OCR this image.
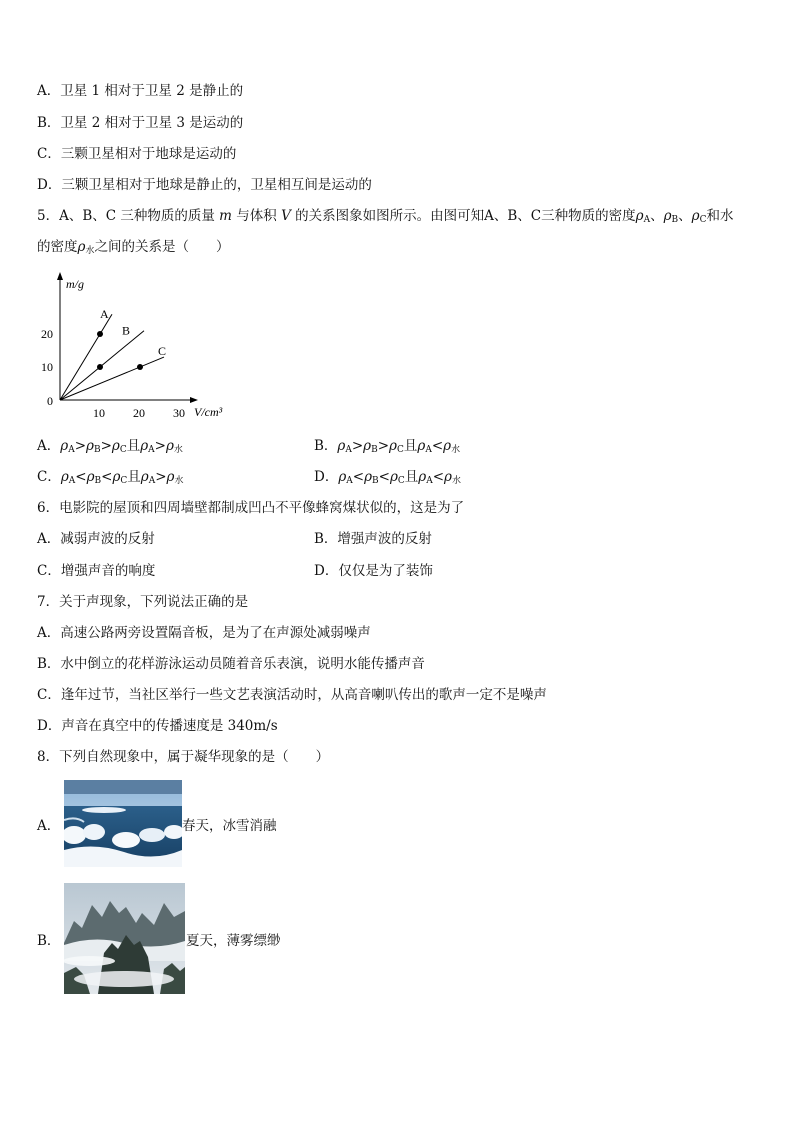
A．卫星 1 相对于卫星 2 是静止的
B．卫星 2 相对于卫星 3 是运动的
C．三颗卫星相对于地球是运动的
D．三颗卫星相对于地球是静止的，卫星相互间是运动的
5．A、B、C 三种物质的质量 m 与体积 V 的关系图象如图所示。由图可知A、B、C三种物质的密度$\rho_A$、$\rho_B$、$\rho_C$和水
的密度$\rho_水$之间的关系是（　　）
m/g
V/cm³
0
10 20 30
10
20
A
B
C
A．$\rho_A>\rho_B>\rho_C$且$\rho_A>\rho_水$	B．$\rho_A>\rho_B>\rho_C$且$\rho_A<\rho_水$
C．$\rho_A<\rho_B<\rho_C$且$\rho_A>\rho_水$	D．$\rho_A<\rho_B<\rho_C$且$\rho_A<\rho_水$
6．电影院的屋顶和四周墙壁都制成凹凸不平像蜂窝煤状似的，这是为了
A．减弱声波的反射	B．增强声波的反射
C．增强声音的响度	D．仅仅是为了装饰
7．关于声现象，下列说法正确的是
A．高速公路两旁设置隔音板，是为了在声源处减弱噪声
B．水中倒立的花样游泳运动员随着音乐表演，说明水能传播声音
C．逢年过节，当社区举行一些文艺表演活动时，从高音喇叭传出的歌声一定不是噪声
D．声音在真空中的传播速度是 340m/s
8．下列自然现象中，属于凝华现象的是（　　）
A．	春天，冰雪消融
B．	夏天，薄雾缥缈
